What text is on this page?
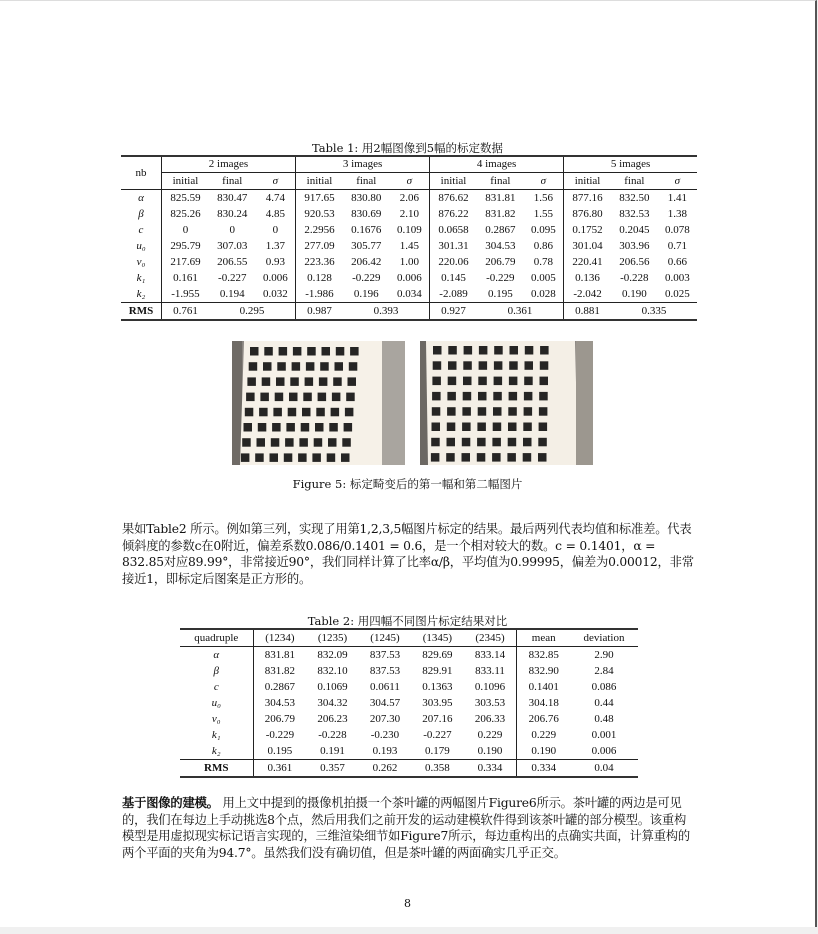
Table 1: 用2幅图像到5幅的标定数据
nb	2 images			3 images			4 images			5 images		
	initial	final	σ	initial	final	σ	initial	final	σ	initial	final	σ
α	825.59	830.47	4.74	917.65	830.80	2.06	876.62	831.81	1.56	877.16	832.50	1.41
β	825.26	830.24	4.85	920.53	830.69	2.10	876.22	831.82	1.55	876.80	832.53	1.38
c	0	0	0	2.2956	0.1676	0.109	0.0658	0.2867	0.095	0.1752	0.2045	0.078
u₀	295.79	307.03	1.37	277.09	305.77	1.45	301.31	304.53	0.86	301.04	303.96	0.71
v₀	217.69	206.55	0.93	223.36	206.42	1.00	220.06	206.79	0.78	220.41	206.56	0.66
k₁	0.161	-0.227	0.006	0.128	-0.229	0.006	0.145	-0.229	0.005	0.136	-0.228	0.003
k₂	-1.955	0.194	0.032	-1.986	0.196	0.034	-2.089	0.195	0.028	-2.042	0.190	0.025
RMS	0.761	0.295		0.987	0.393		0.927	0.361		0.881	0.335	
Figure 5: 标定畸变后的第一幅和第二幅图片
果如Table2 所示。例如第三列，实现了用第1,2,3,5幅图片标定的结果。最后两列代表均值和标准差。代表倾斜度的参数c在0附近，偏差系数0.086/0.1401 = 0.6，是一个相对较大的数。c = 0.1401，α = 832.85对应89.99°，非常接近90°，我们同样计算了比率α/β，平均值为0.99995，偏差为0.00012，非常接近1，即标定后图案是正方形的。
Table 2: 用四幅不同图片标定结果对比
quadruple	(1234)	(1235)	(1245)	(1345)	(2345)	mean	deviation
α	831.81	832.09	837.53	829.69	833.14	832.85	2.90
β	831.82	832.10	837.53	829.91	833.11	832.90	2.84
c	0.2867	0.1069	0.0611	0.1363	0.1096	0.1401	0.086
u₀	304.53	304.32	304.57	303.95	303.53	304.18	0.44
v₀	206.79	206.23	207.30	207.16	206.33	206.76	0.48
k₁	-0.229	-0.228	-0.230	-0.227	0.229	0.229	0.001
k₂	0.195	0.191	0.193	0.179	0.190	0.190	0.006
RMS	0.361	0.357	0.262	0.358	0.334	0.334	0.04
基于图像的建模。 用上文中提到的摄像机拍摄一个茶叶罐的两幅图片Figure6所示。茶叶罐的两边是可见的，我们在每边上手动挑选8个点，然后用我们之前开发的运动建模软件得到该茶叶罐的部分模型。该重构模型是用虚拟现实标记语言实现的，三维渲染细节如Figure7所示，每边重构出的点确实共面，计算重构的两个平面的夹角为94.7°。虽然我们没有确切值，但是茶叶罐的两面确实几乎正交。
8
